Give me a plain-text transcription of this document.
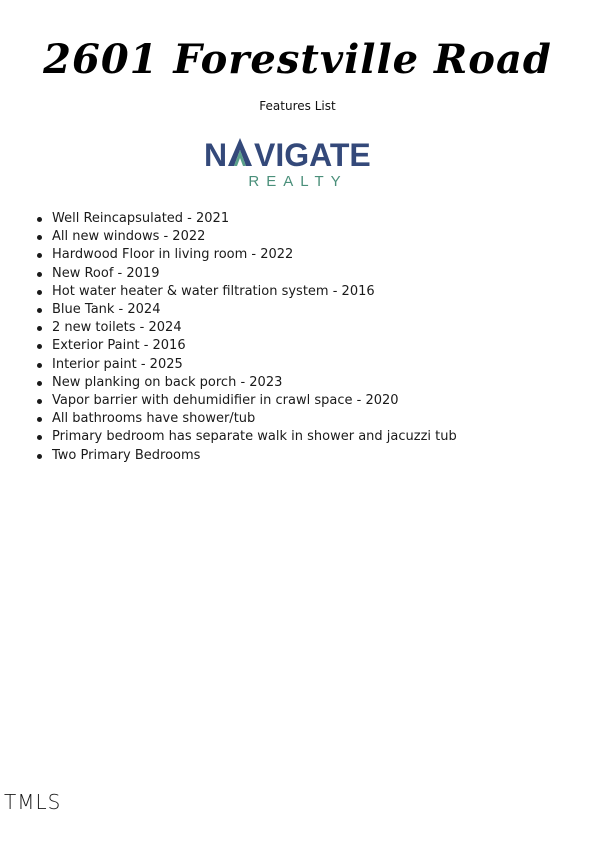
2601 Forestville Road
Features List
N VIGATE
REALTY
Well Reincapsulated - 2021
All new windows - 2022
Hardwood Floor in living room - 2022
New Roof - 2019
Hot water heater & water filtration system - 2016
Blue Tank - 2024
2 new toilets - 2024
Exterior Paint - 2016
Interior paint - 2025
New planking on back porch - 2023
Vapor barrier with dehumidifier in crawl space - 2020
All bathrooms have shower/tub
Primary bedroom has separate walk in shower and jacuzzi tub
Two Primary Bedrooms
TMLS
